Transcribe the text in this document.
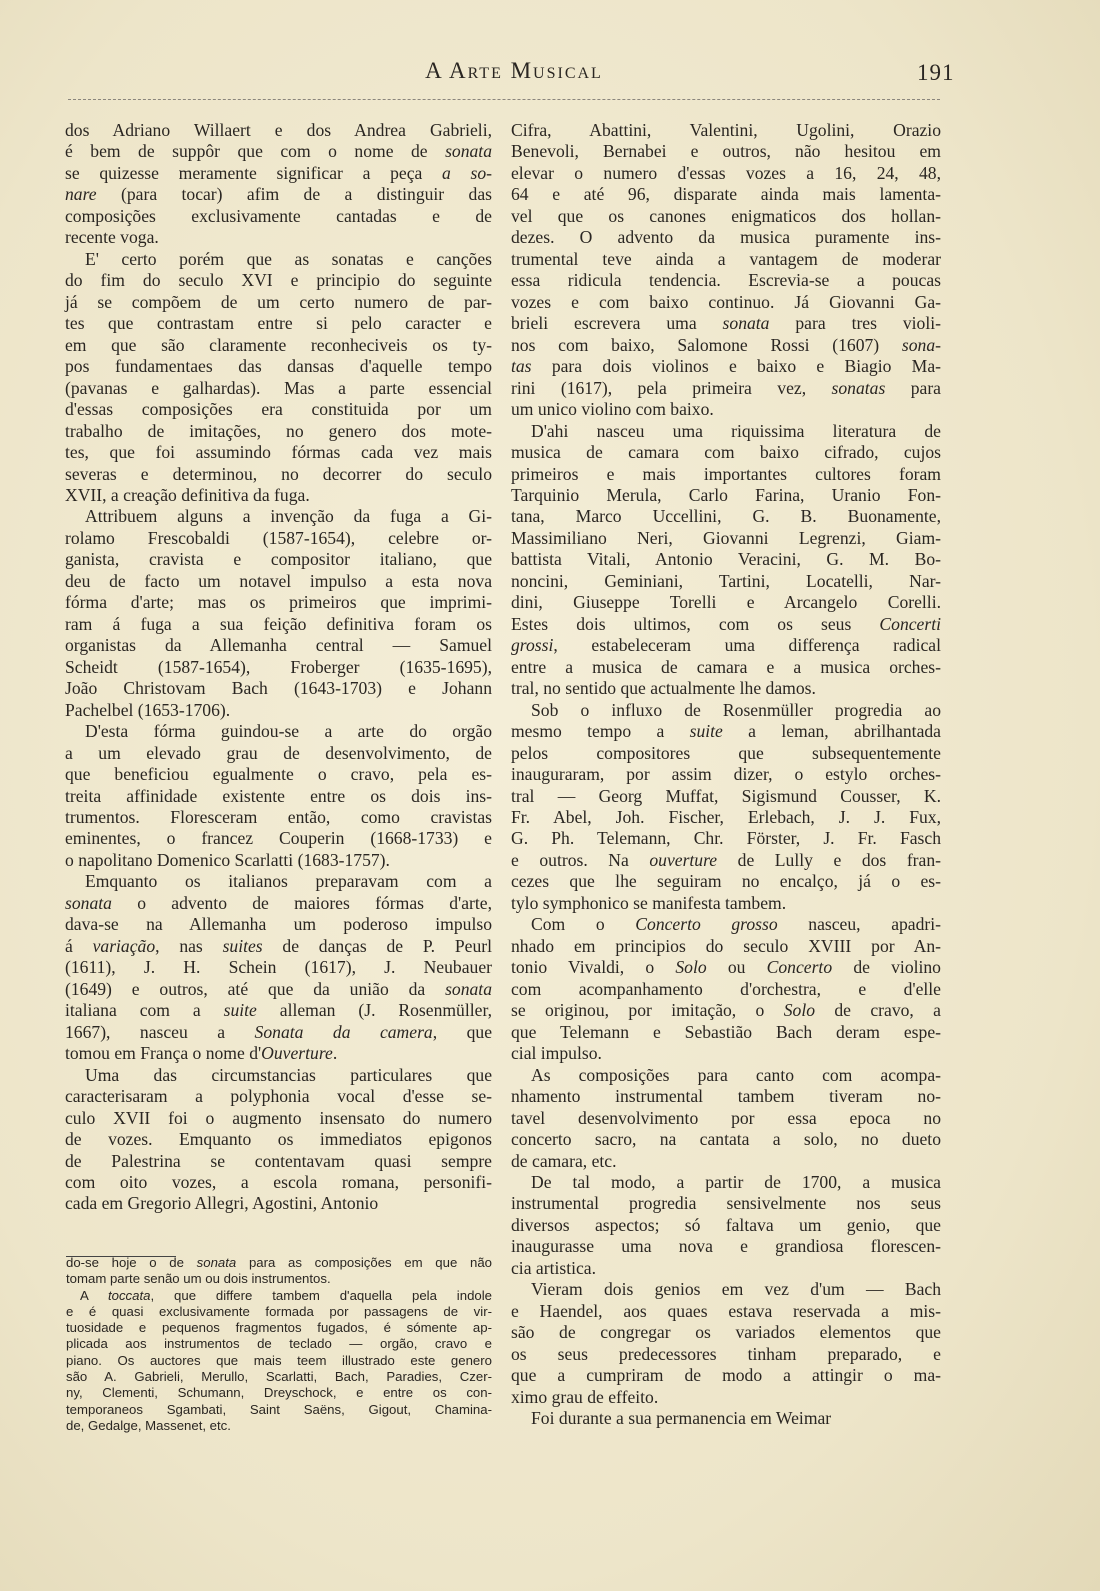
A Arte Musical	191
dos Adriano Willaert e dos Andrea Gabrieli,
é bem de suppôr que com o nome de sonata
se quizesse meramente significar a peça a so-
nare (para tocar) afim de a distinguir das
composições exclusivamente cantadas e de
recente voga.
E' certo porém que as sonatas e canções
do fim do seculo XVI e principio do seguinte
já se compõem de um certo numero de par-
tes que contrastam entre si pelo caracter e
em que são claramente reconheciveis os ty-
pos fundamentaes das dansas d'aquelle tempo
(pavanas e galhardas). Mas a parte essencial
d'essas composições era constituida por um
trabalho de imitações, no genero dos mote-
tes, que foi assumindo fórmas cada vez mais
severas e determinou, no decorrer do seculo
XVII, a creação definitiva da fuga.
Attribuem alguns a invenção da fuga a Gi-
rolamo Frescobaldi (1587-1654), celebre or-
ganista, cravista e compositor italiano, que
deu de facto um notavel impulso a esta nova
fórma d'arte; mas os primeiros que imprimi-
ram á fuga a sua feição definitiva foram os
organistas da Allemanha central — Samuel
Scheidt (1587-1654), Froberger (1635-1695),
João Christovam Bach (1643-1703) e Johann
Pachelbel (1653-1706).
D'esta fórma guindou-se a arte do orgão
a um elevado grau de desenvolvimento, de
que beneficiou egualmente o cravo, pela es-
treita affinidade existente entre os dois ins-
trumentos. Floresceram então, como cravistas
eminentes, o francez Couperin (1668-1733) e
o napolitano Domenico Scarlatti (1683-1757).
Emquanto os italianos preparavam com a
sonata o advento de maiores fórmas d'arte,
dava-se na Allemanha um poderoso impulso
á variação, nas suites de danças de P. Peurl
(1611), J. H. Schein (1617), J. Neubauer
(1649) e outros, até que da união da sonata
italiana com a suite alleman (J. Rosenmüller,
1667), nasceu a Sonata da camera, que
tomou em França o nome d'Ouverture.
Uma das circumstancias particulares que
caracterisaram a polyphonia vocal d'esse se-
culo XVII foi o augmento insensato do numero
de vozes. Emquanto os immediatos epigonos
de Palestrina se contentavam quasi sempre
com oito vozes, a escola romana, personifi-
cada em Gregorio Allegri, Agostini, Antonio
Cifra, Abattini, Valentini, Ugolini, Orazio
Benevoli, Bernabei e outros, não hesitou em
elevar o numero d'essas vozes a 16, 24, 48,
64 e até 96, disparate ainda mais lamenta-
vel que os canones enigmaticos dos hollan-
dezes. O advento da musica puramente ins-
trumental teve ainda a vantagem de moderar
essa ridicula tendencia. Escrevia-se a poucas
vozes e com baixo continuo. Já Giovanni Ga-
brieli escrevera uma sonata para tres violi-
nos com baixo, Salomone Rossi (1607) sona-
tas para dois violinos e baixo e Biagio Ma-
rini (1617), pela primeira vez, sonatas para
um unico violino com baixo.
D'ahi nasceu uma riquissima literatura de
musica de camara com baixo cifrado, cujos
primeiros e mais importantes cultores foram
Tarquinio Merula, Carlo Farina, Uranio Fon-
tana, Marco Uccellini, G. B. Buonamente,
Massimiliano Neri, Giovanni Legrenzi, Giam-
battista Vitali, Antonio Veracini, G. M. Bo-
noncini, Geminiani, Tartini, Locatelli, Nar-
dini, Giuseppe Torelli e Arcangelo Corelli.
Estes dois ultimos, com os seus Concerti
grossi, estabeleceram uma differença radical
entre a musica de camara e a musica orches-
tral, no sentido que actualmente lhe damos.
Sob o influxo de Rosenmüller progredia ao
mesmo tempo a suite a leman, abrilhantada
pelos compositores que subsequentemente
inauguraram, por assim dizer, o estylo orches-
tral — Georg Muffat, Sigismund Cousser, K.
Fr. Abel, Joh. Fischer, Erlebach, J. J. Fux,
G. Ph. Telemann, Chr. Förster, J. Fr. Fasch
e outros. Na ouverture de Lully e dos fran-
cezes que lhe seguiram no encalço, já o es-
tylo symphonico se manifesta tambem.
Com o Concerto grosso nasceu, apadri-
nhado em principios do seculo XVIII por An-
tonio Vivaldi, o Solo ou Concerto de violino
com acompanhamento d'orchestra, e d'elle
se originou, por imitação, o Solo de cravo, a
que Telemann e Sebastião Bach deram espe-
cial impulso.
As composições para canto com acompa-
nhamento instrumental tambem tiveram no-
tavel desenvolvimento por essa epoca no
concerto sacro, na cantata a solo, no dueto
de camara, etc.
De tal modo, a partir de 1700, a musica
instrumental progredia sensivelmente nos seus
diversos aspectos; só faltava um genio, que
inaugurasse uma nova e grandiosa florescen-
cia artistica.
Vieram dois genios em vez d'um — Bach
e Haendel, aos quaes estava reservada a mis-
são de congregar os variados elementos que
os seus predecessores tinham preparado, e
que a cumpriram de modo a attingir o ma-
ximo grau de effeito.
Foi durante a sua permanencia em Weimar
do-se hoje o de sonata para as composições em que não
tomam parte senão um ou dois instrumentos.
A toccata, que differe tambem d'aquella pela indole
e é quasi exclusivamente formada por passagens de vir-
tuosidade e pequenos fragmentos fugados, é sómente ap-
plicada aos instrumentos de teclado — orgão, cravo e
piano. Os auctores que mais teem illustrado este genero
são A. Gabrieli, Merullo, Scarlatti, Bach, Paradies, Czer-
ny, Clementi, Schumann, Dreyschock, e entre os con-
temporaneos Sgambati, Saint Saëns, Gigout, Chamina-
de, Gedalge, Massenet, etc.
